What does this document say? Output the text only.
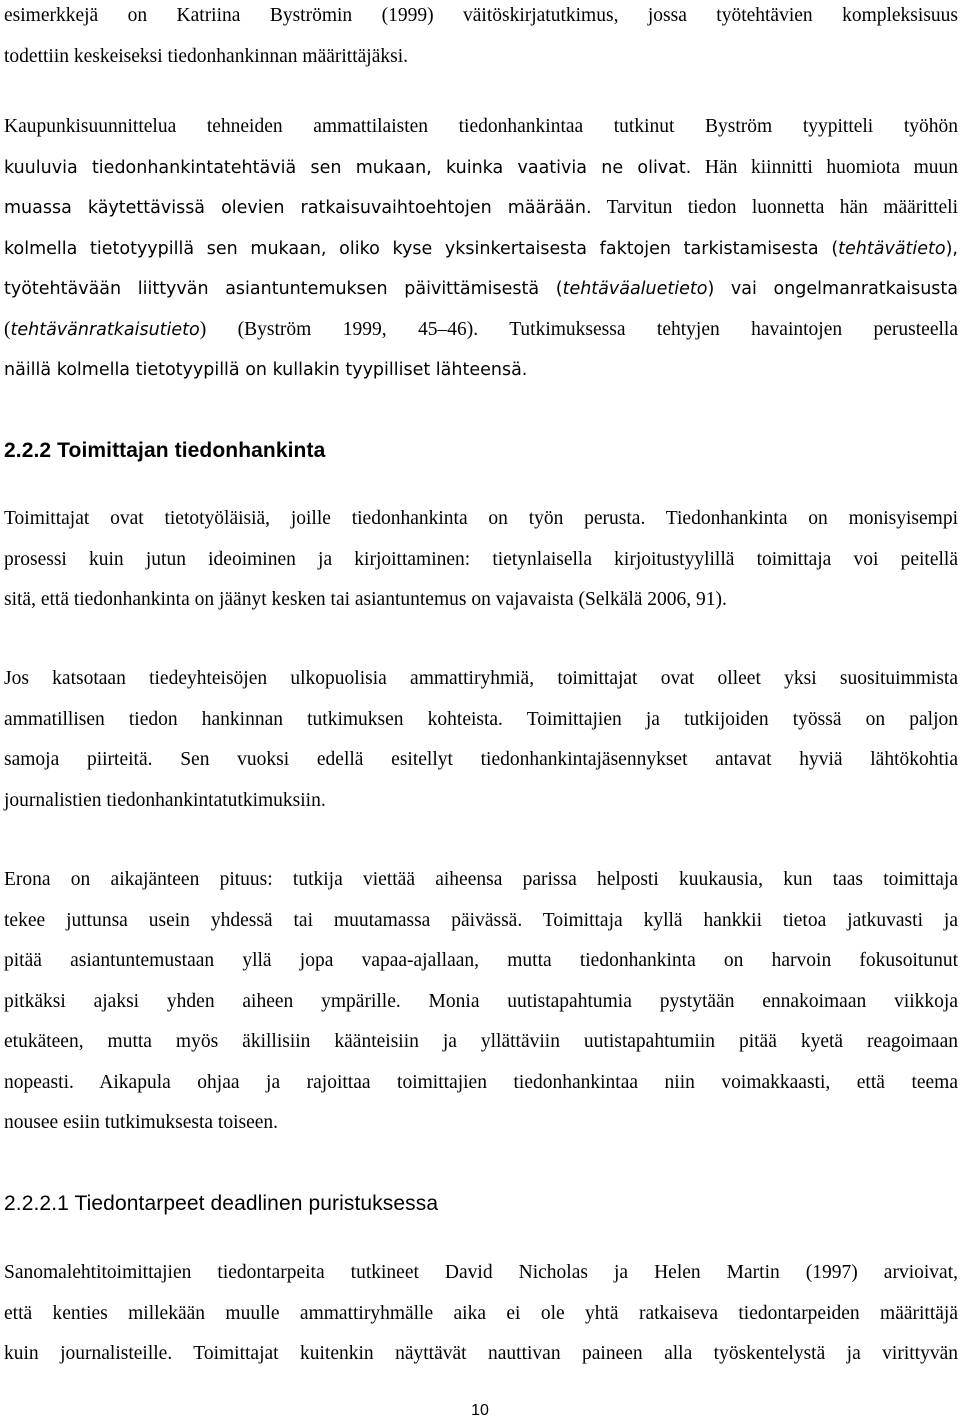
esimerkkejä on Katriina Byströmin (1999) väitöskirjatutkimus, jossa työtehtävien kompleksisuus
todettiin keskeiseksi tiedonhankinnan määrittäjäksi.

Kaupunkisuunnittelua tehneiden ammattilaisten tiedonhankintaa tutkinut Byström tyypitteli työhön
kuuluvia tiedonhankintatehtäviä sen mukaan, kuinka vaativia ne olivat. Hän kiinnitti huomiota muun
muassa käytettävissä olevien ratkaisuvaihtoehtojen määrään. Tarvitun tiedon luonnetta hän määritteli
kolmella tietotyypillä sen mukaan, oliko kyse yksinkertaisesta faktojen tarkistamisesta (tehtävätieto),
työtehtävään liittyvän asiantuntemuksen päivittämisestä (tehtäväaluetieto) vai ongelmanratkaisusta
(tehtävänratkaisutieto) (Byström 1999, 45–46). Tutkimuksessa tehtyjen havaintojen perusteella
näillä kolmella tietotyypillä on kullakin tyypilliset lähteensä.

2.2.2 Toimittajan tiedonhankinta

Toimittajat ovat tietotyöläisiä, joille tiedonhankinta on työn perusta. Tiedonhankinta on monisyisempi
prosessi kuin jutun ideoiminen ja kirjoittaminen: tietynlaisella kirjoitustyylillä toimittaja voi peitellä
sitä, että tiedonhankinta on jäänyt kesken tai asiantuntemus on vajavaista (Selkälä 2006, 91).

Jos katsotaan tiedeyhteisöjen ulkopuolisia ammattiryhmiä, toimittajat ovat olleet yksi suosituimmista
ammatillisen tiedon hankinnan tutkimuksen kohteista. Toimittajien ja tutkijoiden työssä on paljon
samoja piirteitä. Sen vuoksi edellä esitellyt tiedonhankintajäsennykset antavat hyviä lähtökohtia
journalistien tiedonhankintatutkimuksiin.

Erona on aikajänteen pituus: tutkija viettää aiheensa parissa helposti kuukausia, kun taas toimittaja
tekee juttunsa usein yhdessä tai muutamassa päivässä. Toimittaja kyllä hankkii tietoa jatkuvasti ja
pitää asiantuntemustaan yllä jopa vapaa-ajallaan, mutta tiedonhankinta on harvoin fokusoitunut
pitkäksi ajaksi yhden aiheen ympärille. Monia uutistapahtumia pystytään ennakoimaan viikkoja
etukäteen, mutta myös äkillisiin käänteisiin ja yllättäviin uutistapahtumiin pitää kyetä reagoimaan
nopeasti. Aikapula ohjaa ja rajoittaa toimittajien tiedonhankintaa niin voimakkaasti, että teema
nousee esiin tutkimuksesta toiseen.

2.2.2.1 Tiedontarpeet deadlinen puristuksessa

Sanomalehtitoimittajien tiedontarpeita tutkineet David Nicholas ja Helen Martin (1997) arvioivat,
että kenties millekään muulle ammattiryhmälle aika ei ole yhtä ratkaiseva tiedontarpeiden määrittäjä
kuin journalisteille. Toimittajat kuitenkin näyttävät nauttivan paineen alla työskentelystä ja virittyvän

10
